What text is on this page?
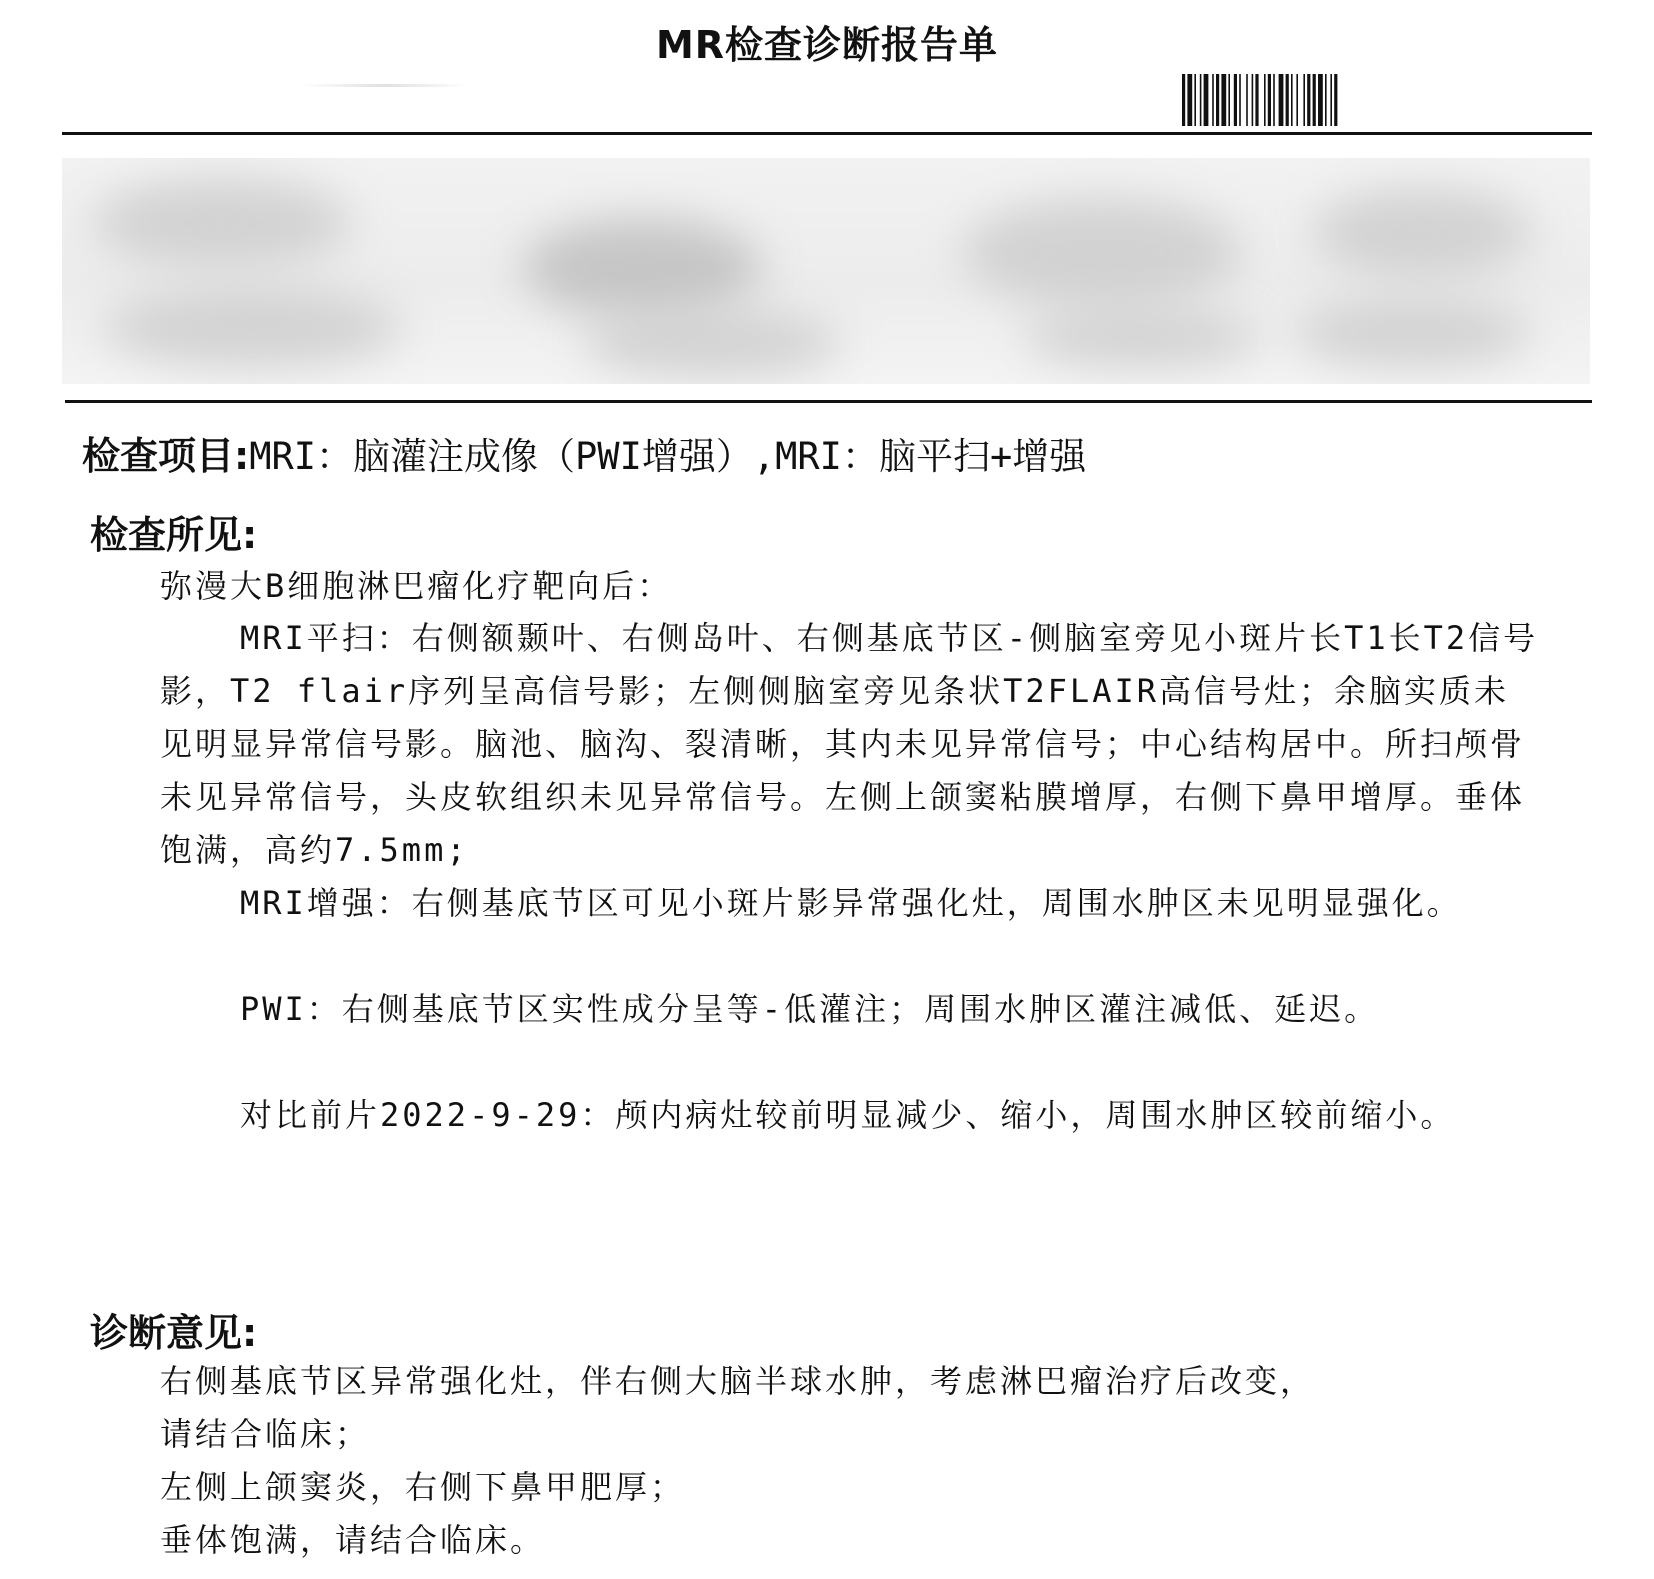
MR检查诊断报告单
检查项目:MRI：脑灌注成像（PWI增强）,MRI：脑平扫+增强
检查所见:
弥漫大B细胞淋巴瘤化疗靶向后：
MRI平扫：右侧额颞叶、右侧岛叶、右侧基底节区-侧脑室旁见小斑片长T1长T2信号影，T2 flair序列呈高信号影；左侧侧脑室旁见条状T2FLAIR高信号灶；余脑实质未见明显异常信号影。脑池、脑沟、裂清晰，其内未见异常信号；中心结构居中。所扫颅骨未见异常信号，头皮软组织未见异常信号。左侧上颌窦粘膜增厚，右侧下鼻甲增厚。垂体饱满，高约7.5mm;
MRI增强：右侧基底节区可见小斑片影异常强化灶，周围水肿区未见明显强化。
PWI：右侧基底节区实性成分呈等-低灌注；周围水肿区灌注减低、延迟。
对比前片2022-9-29：颅内病灶较前明显减少、缩小，周围水肿区较前缩小。
诊断意见:
右侧基底节区异常强化灶，伴右侧大脑半球水肿，考虑淋巴瘤治疗后改变，
请结合临床；
左侧上颌窦炎，右侧下鼻甲肥厚；
垂体饱满，请结合临床。
